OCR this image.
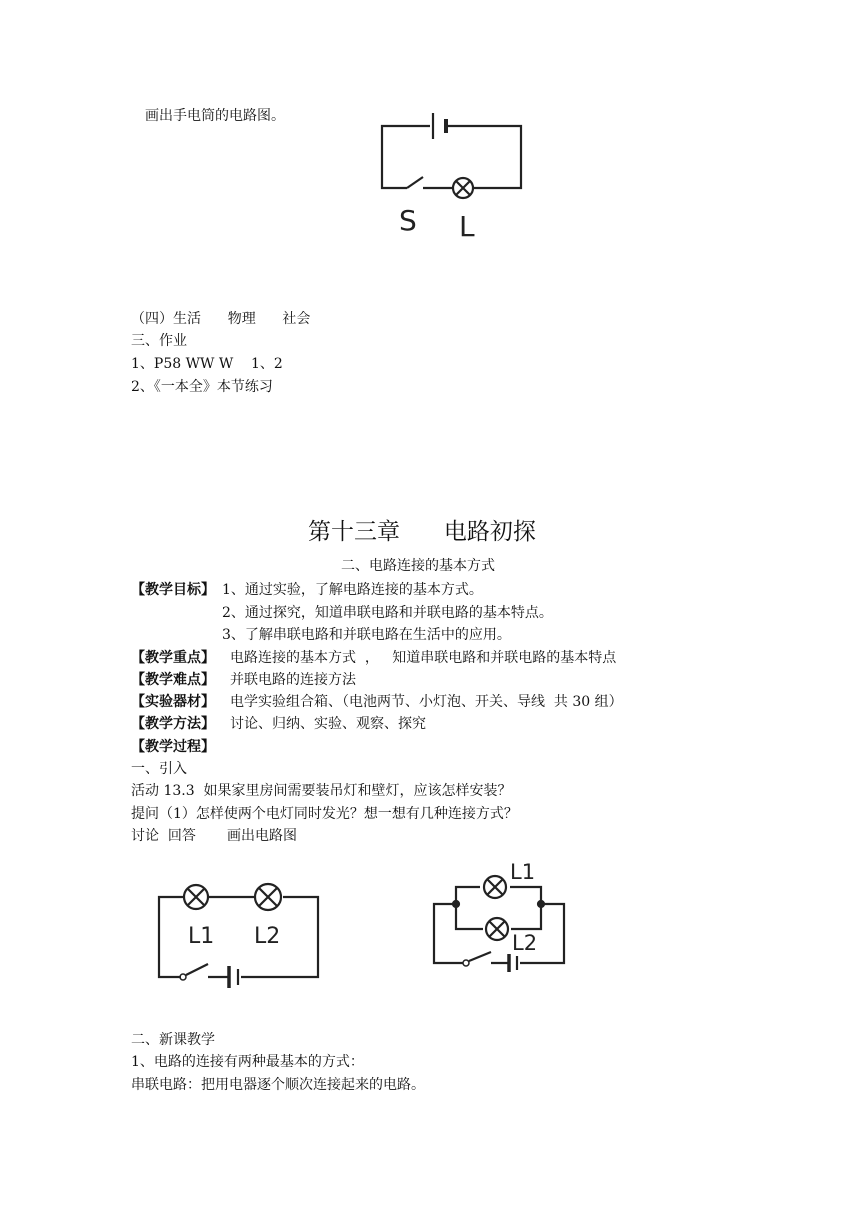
画出手电筒的电路图。
S L
（四）生活      物理      社会
三、作业
1、P58 WW W    1、2
2、《一本全》本节练习
第十三章      电路初探
二、电路连接的基本方式
【教学目标】 1、通过实验，了解电路连接的基本方式。
2、通过探究，知道串联电路和并联电路的基本特点。
3、了解串联电路和并联电路在生活中的应用。
【教学重点】 电路连接的基本方式  ，   知道串联电路和并联电路的基本特点
【教学难点】 并联电路的连接方法
【实验器材】 电学实验组合箱、（电池两节、小灯泡、开关、导线  共 30 组）
【教学方法】 讨论、归纳、实验、观察、探究
【教学过程】
一、引入
活动 13.3  如果家里房间需要装吊灯和壁灯，应该怎样安装？
提问（1）怎样使两个电灯同时发光？想一想有几种连接方式？
讨论  回答       画出电路图
L1 L2
L1
L2
二、新课教学
1、电路的连接有两种最基本的方式：
串联电路：把用电器逐个顺次连接起来的电路。
